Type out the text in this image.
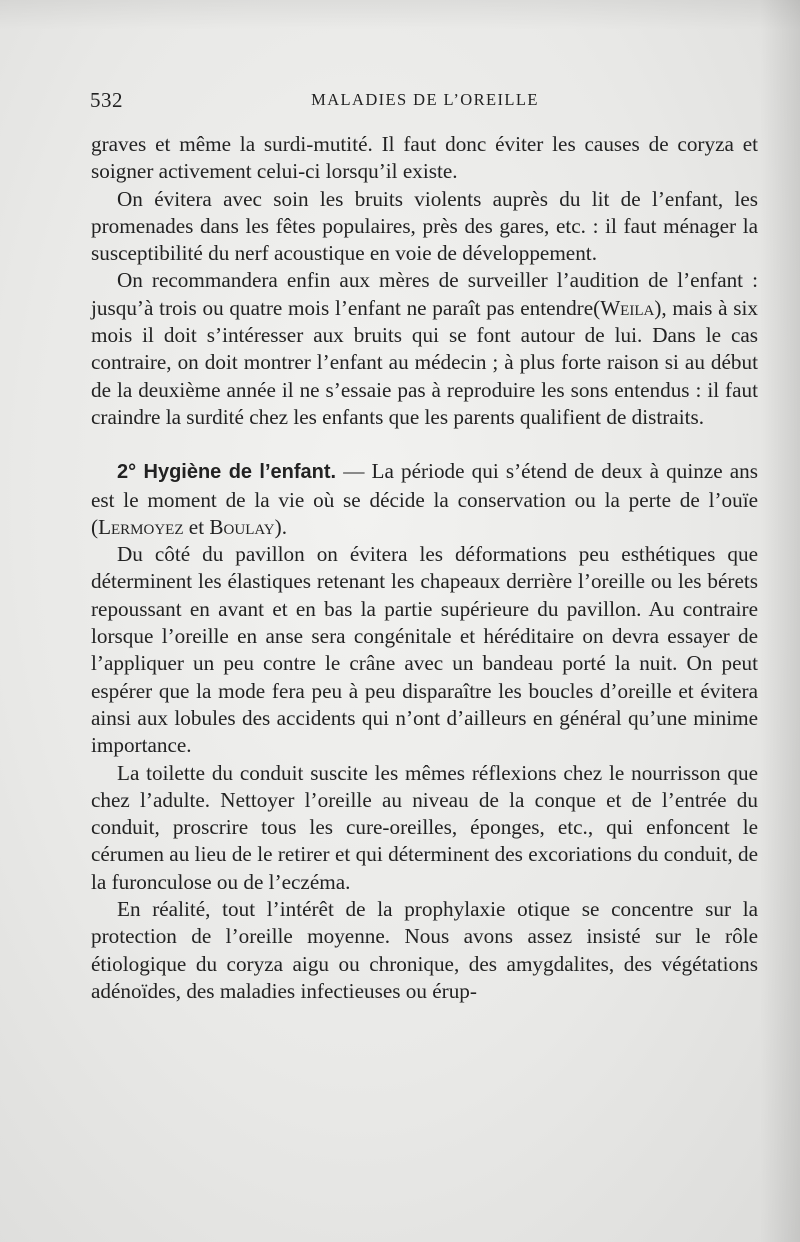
532	MALADIES DE L’OREILLE

graves et même la surdi-mutité. Il faut donc éviter les causes de coryza et soigner activement celui-ci lorsqu’il existe.

On évitera avec soin les bruits violents auprès du lit de l’enfant, les promenades dans les fêtes populaires, près des gares, etc. : il faut ménager la susceptibilité du nerf acoustique en voie de développement.

On recommandera enfin aux mères de surveiller l’audition de l’enfant : jusqu’à trois ou quatre mois l’enfant ne paraît pas entendre(Weila), mais à six mois il doit s’intéresser aux bruits qui se font autour de lui. Dans le cas contraire, on doit montrer l’enfant au médecin ; à plus forte raison si au début de la deuxième année il ne s’essaie pas à reproduire les sons entendus : il faut craindre la surdité chez les enfants que les parents qualifient de distraits.

2° Hygiène de l’enfant. — La période qui s’étend de deux à quinze ans est le moment de la vie où se décide la conservation ou la perte de l’ouïe (Lermoyez et Boulay).

Du côté du pavillon on évitera les déformations peu esthétiques que déterminent les élastiques retenant les chapeaux derrière l’oreille ou les bérets repoussant en avant et en bas la partie supérieure du pavillon. Au contraire lorsque l’oreille en anse sera congénitale et héréditaire on devra essayer de l’appliquer un peu contre le crâne avec un bandeau porté la nuit. On peut espérer que la mode fera peu à peu disparaître les boucles d’oreille et évitera ainsi aux lobules des accidents qui n’ont d’ailleurs en général qu’une minime importance.

La toilette du conduit suscite les mêmes réflexions chez le nourrisson que chez l’adulte. Nettoyer l’oreille au niveau de la conque et de l’entrée du conduit, proscrire tous les cure-oreilles, éponges, etc., qui enfoncent le cérumen au lieu de le retirer et qui déterminent des excoriations du conduit, de la furonculose ou de l’eczéma.

En réalité, tout l’intérêt de la prophylaxie otique se concentre sur la protection de l’oreille moyenne. Nous avons assez insisté sur le rôle étiologique du coryza aigu ou chronique, des amygdalites, des végétations adénoïdes, des maladies infectieuses ou érup-
